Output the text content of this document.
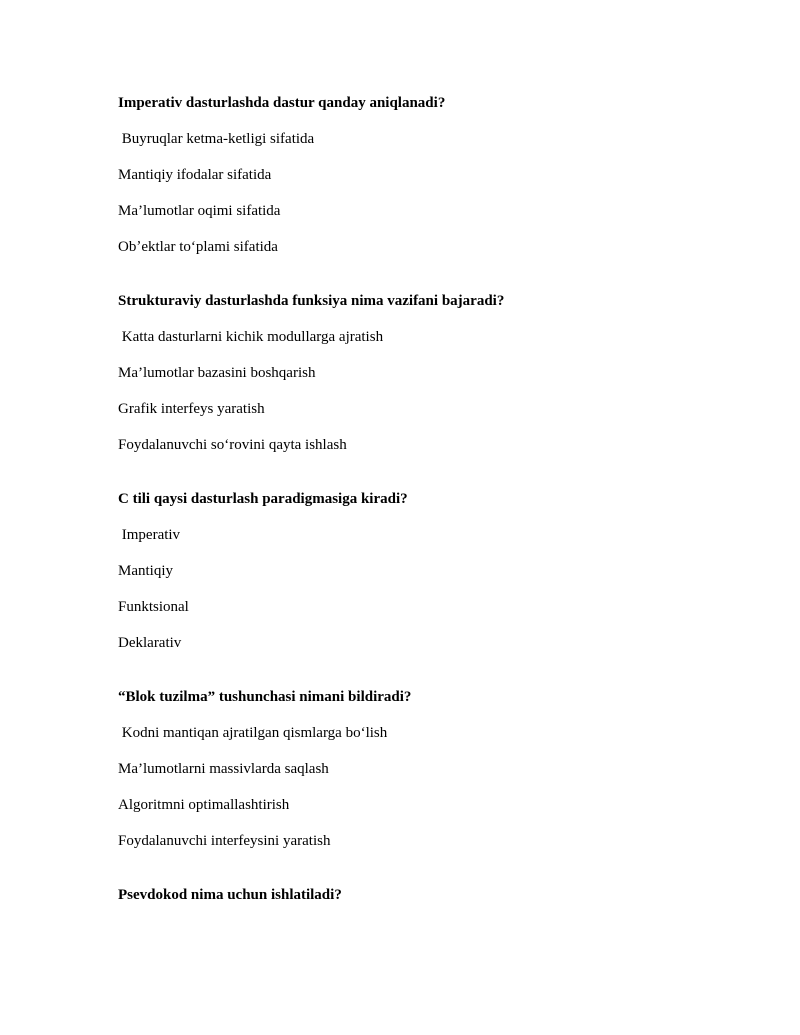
Imperativ dasturlashda dastur qanday aniqlanadi?
Buyruqlar ketma-ketligi sifatida
Mantiqiy ifodalar sifatida
Ma’lumotlar oqimi sifatida
Obʼektlar to‘plami sifatida
Strukturaviy dasturlashda funksiya nima vazifani bajaradi?
Katta dasturlarni kichik modullarga ajratish
Ma’lumotlar bazasini boshqarish
Grafik interfeys yaratish
Foydalanuvchi so‘rovini qayta ishlash
C tili qaysi dasturlash paradigmasiga kiradi?
Imperativ
Mantiqiy
Funktsional
Deklarativ
“Blok tuzilma” tushunchasi nimani bildiradi?
Kodni mantiqan ajratilgan qismlarga bo‘lish
Ma’lumotlarni massivlarda saqlash
Algoritmni optimallashtirish
Foydalanuvchi interfeysini yaratish
Psevdokod nima uchun ishlatiladi?
